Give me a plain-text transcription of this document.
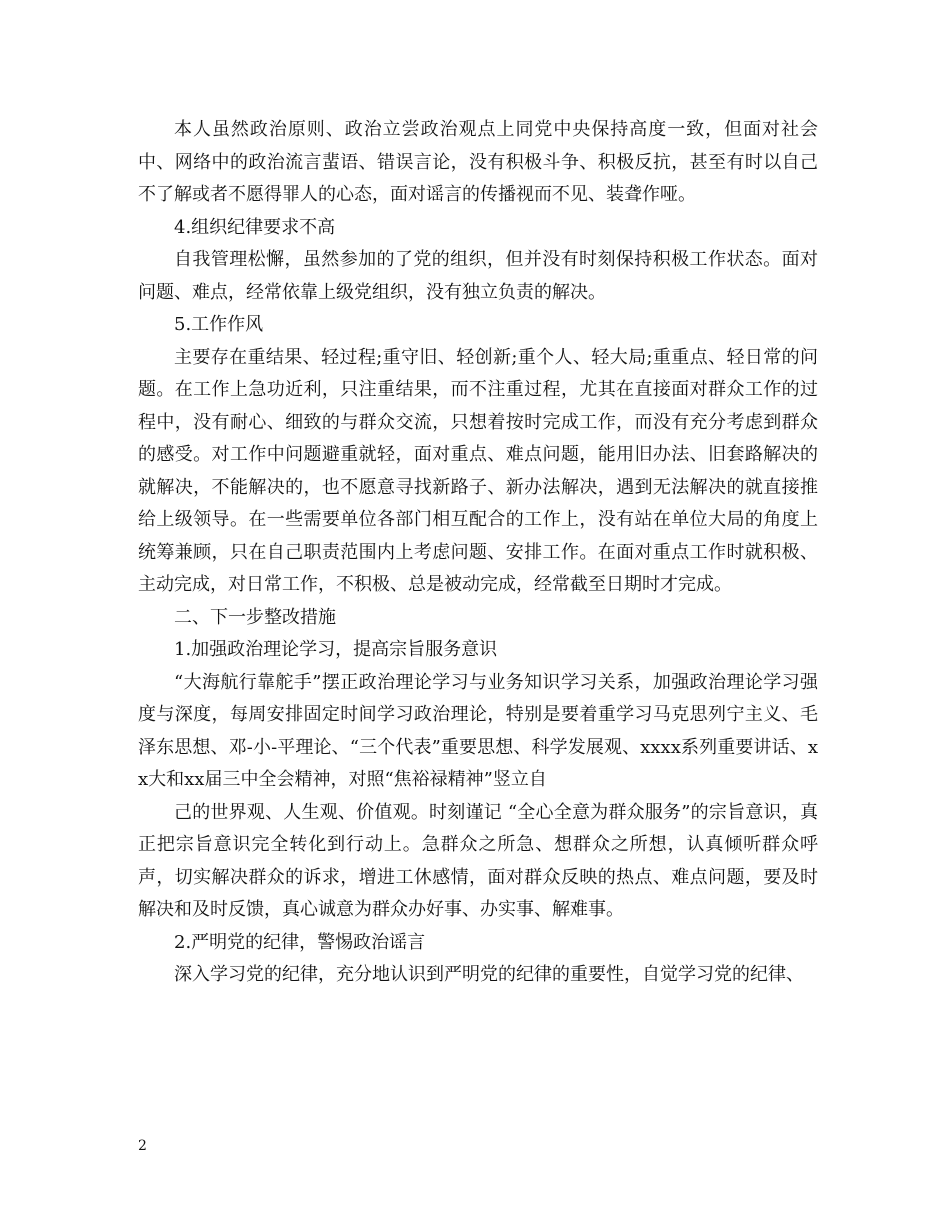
本人虽然政治原则、政治立尝政治观点上同党中央保持高度一致，但面对社会中、网络中的政治流言蜚语、错误言论，没有积极斗争、积极反抗，甚至有时以自己不了解或者不愿得罪人的心态，面对谣言的传播视而不见、装聋作哑。

4.组织纪律要求不高

自我管理松懈，虽然参加的了党的组织，但并没有时刻保持积极工作状态。面对问题、难点，经常依靠上级党组织，没有独立负责的解决。

5.工作作风

主要存在重结果、轻过程;重守旧、轻创新;重个人、轻大局;重重点、轻日常的问题。在工作上急功近利，只注重结果，而不注重过程，尤其在直接面对群众工作的过程中，没有耐心、细致的与群众交流，只想着按时完成工作，而没有充分考虑到群众的感受。对工作中问题避重就轻，面对重点、难点问题，能用旧办法、旧套路解决的就解决，不能解决的，也不愿意寻找新路子、新办法解决，遇到无法解决的就直接推给上级领导。在一些需要单位各部门相互配合的工作上，没有站在单位大局的角度上统筹兼顾，只在自己职责范围内上考虑问题、安排工作。在面对重点工作时就积极、主动完成，对日常工作，不积极、总是被动完成，经常截至日期时才完成。

二、下一步整改措施

1.加强政治理论学习，提高宗旨服务意识

“大海航行靠舵手”摆正政治理论学习与业务知识学习关系，加强政治理论学习强度与深度，每周安排固定时间学习政治理论，特别是要着重学习马克思列宁主义、毛泽东思想、邓-小-平理论、“三个代表”重要思想、科学发展观、xxxx系列重要讲话、xx大和xx届三中全会精神，对照“焦裕禄精神”竖立自

己的世界观、人生观、价值观。时刻谨记 “全心全意为群众服务”的宗旨意识，真正把宗旨意识完全转化到行动上。急群众之所急、想群众之所想，认真倾听群众呼声，切实解决群众的诉求，增进工休感情，面对群众反映的热点、难点问题，要及时解决和及时反馈，真心诚意为群众办好事、办实事、解难事。

2.严明党的纪律，警惕政治谣言

深入学习党的纪律，充分地认识到严明党的纪律的重要性，自觉学习党的纪律、

2
